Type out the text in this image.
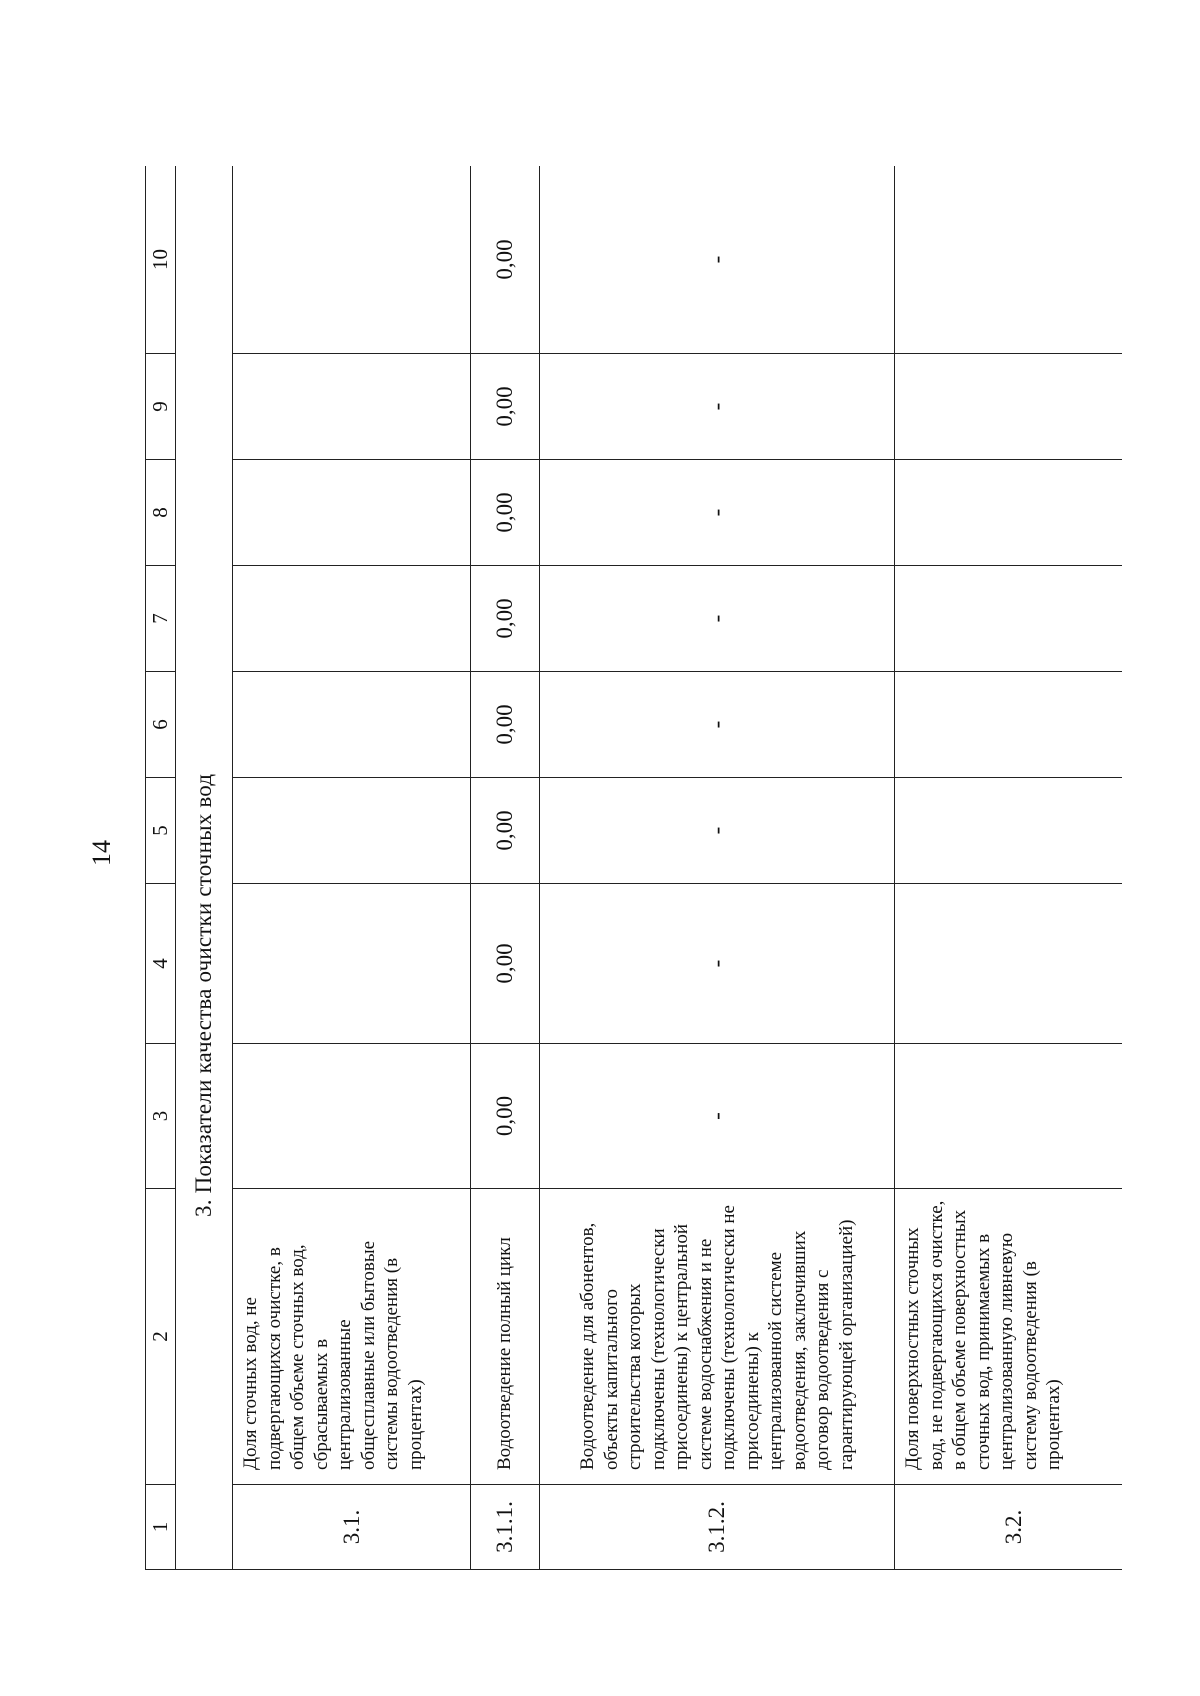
14
1	2	3	4	5	6	7	8	9	10
3. Показатели качества очистки сточных вод									
3.1.	Доля сточных вод, не подвергающихся очистке, в общем объеме сточных вод, сбрасываемых в централизованные общесплавные или бытовые системы водоотведения (в процентах)								
3.1.1.	Водоотведение полный цикл	0,00	0,00	0,00	0,00	0,00	0,00	0,00	0,00
3.1.2.	Водоотведение для абонентов, объекты капитального строительства которых подключены (технологически присоединены) к центральной системе водоснабжения и не подключены (технологически не присоединены) к централизованной системе водоотведения, заключивших договор водоотведения с гарантирующей организацией)	-	-	-	-	-	-	-	-
3.2.	Доля поверхностных сточных вод, не подвергающихся очистке, в общем объеме поверхностных сточных вод, принимаемых в централизованную ливневую систему водоотведения (в процентах)								
